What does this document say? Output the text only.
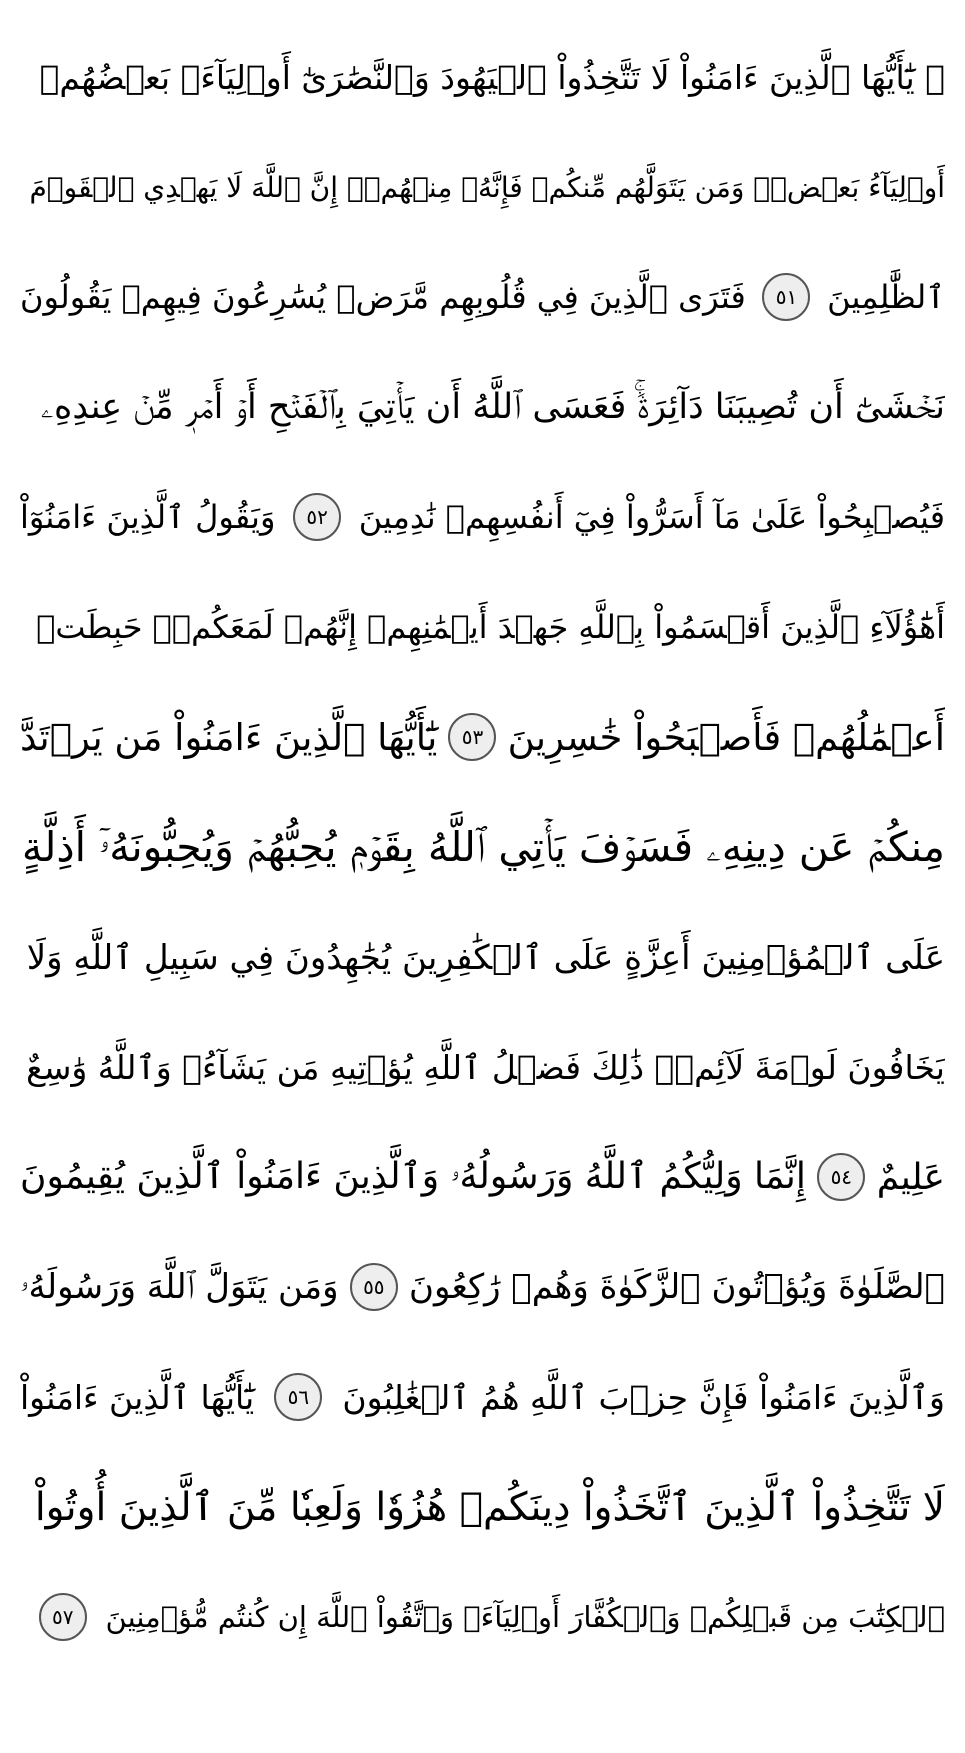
۞ يَٰٓأَيُّهَا ٱلَّذِينَ ءَامَنُواْ لَا تَتَّخِذُواْ ٱلۡيَهُودَ وَٱلنَّصَٰرَىٰٓ أَوۡلِيَآءَۘ بَعۡضُهُمۡ
أَوۡلِيَآءُ بَعۡضٖۚ وَمَن يَتَوَلَّهُم مِّنكُمۡ فَإِنَّهُۥ مِنۡهُمۡۗ إِنَّ ٱللَّهَ لَا يَهۡدِي ٱلۡقَوۡمَ
ٱلظَّٰلِمِينَ
٥١
فَتَرَى ٱلَّذِينَ فِي قُلُوبِهِم مَّرَضٞ يُسَٰرِعُونَ فِيهِمۡ يَقُولُونَ
نَخۡشَىٰٓ أَن تُصِيبَنَا دَآئِرَةٞۚ فَعَسَى ٱللَّهُ أَن يَأۡتِيَ بِٱلۡفَتۡحِ أَوۡ أَمۡرٖ مِّنۡ عِندِهِۦ
فَيُصۡبِحُواْ عَلَىٰ مَآ أَسَرُّواْ فِيٓ أَنفُسِهِمۡ نَٰدِمِينَ
٥٢
وَيَقُولُ ٱلَّذِينَ ءَامَنُوٓاْ
أَهَٰٓؤُلَآءِ ٱلَّذِينَ أَقۡسَمُواْ بِٱللَّهِ جَهۡدَ أَيۡمَٰنِهِمۡ إِنَّهُمۡ لَمَعَكُمۡۚ حَبِطَتۡ
أَعۡمَٰلُهُمۡ فَأَصۡبَحُواْ خَٰسِرِينَ
٥٣
يَٰٓأَيُّهَا ٱلَّذِينَ ءَامَنُواْ مَن يَرۡتَدَّ
مِنكُمۡ عَن دِينِهِۦ فَسَوۡفَ يَأۡتِي ٱللَّهُ بِقَوۡمٖ يُحِبُّهُمۡ وَيُحِبُّونَهُۥٓ أَذِلَّةٍ
عَلَى ٱلۡمُؤۡمِنِينَ أَعِزَّةٍ عَلَى ٱلۡكَٰفِرِينَ يُجَٰهِدُونَ فِي سَبِيلِ ٱللَّهِ وَلَا
يَخَافُونَ لَوۡمَةَ لَآئِمٖۚ ذَٰلِكَ فَضۡلُ ٱللَّهِ يُؤۡتِيهِ مَن يَشَآءُۚ وَٱللَّهُ وَٰسِعٌ
عَلِيمٌ
٥٤
إِنَّمَا وَلِيُّكُمُ ٱللَّهُ وَرَسُولُهُۥ وَٱلَّذِينَ ءَامَنُواْ ٱلَّذِينَ يُقِيمُونَ
ٱلصَّلَوٰةَ وَيُؤۡتُونَ ٱلزَّكَوٰةَ وَهُمۡ رَٰكِعُونَ
٥٥
وَمَن يَتَوَلَّ ٱللَّهَ وَرَسُولَهُۥ
وَٱلَّذِينَ ءَامَنُواْ فَإِنَّ حِزۡبَ ٱللَّهِ هُمُ ٱلۡغَٰلِبُونَ
٥٦
يَٰٓأَيُّهَا ٱلَّذِينَ ءَامَنُواْ
لَا تَتَّخِذُواْ ٱلَّذِينَ ٱتَّخَذُواْ دِينَكُمۡ هُزُوٗا وَلَعِبٗا مِّنَ ٱلَّذِينَ أُوتُواْ
ٱلۡكِتَٰبَ مِن قَبۡلِكُمۡ وَٱلۡكُفَّارَ أَوۡلِيَآءَۚ وَٱتَّقُواْ ٱللَّهَ إِن كُنتُم مُّؤۡمِنِينَ
٥٧
